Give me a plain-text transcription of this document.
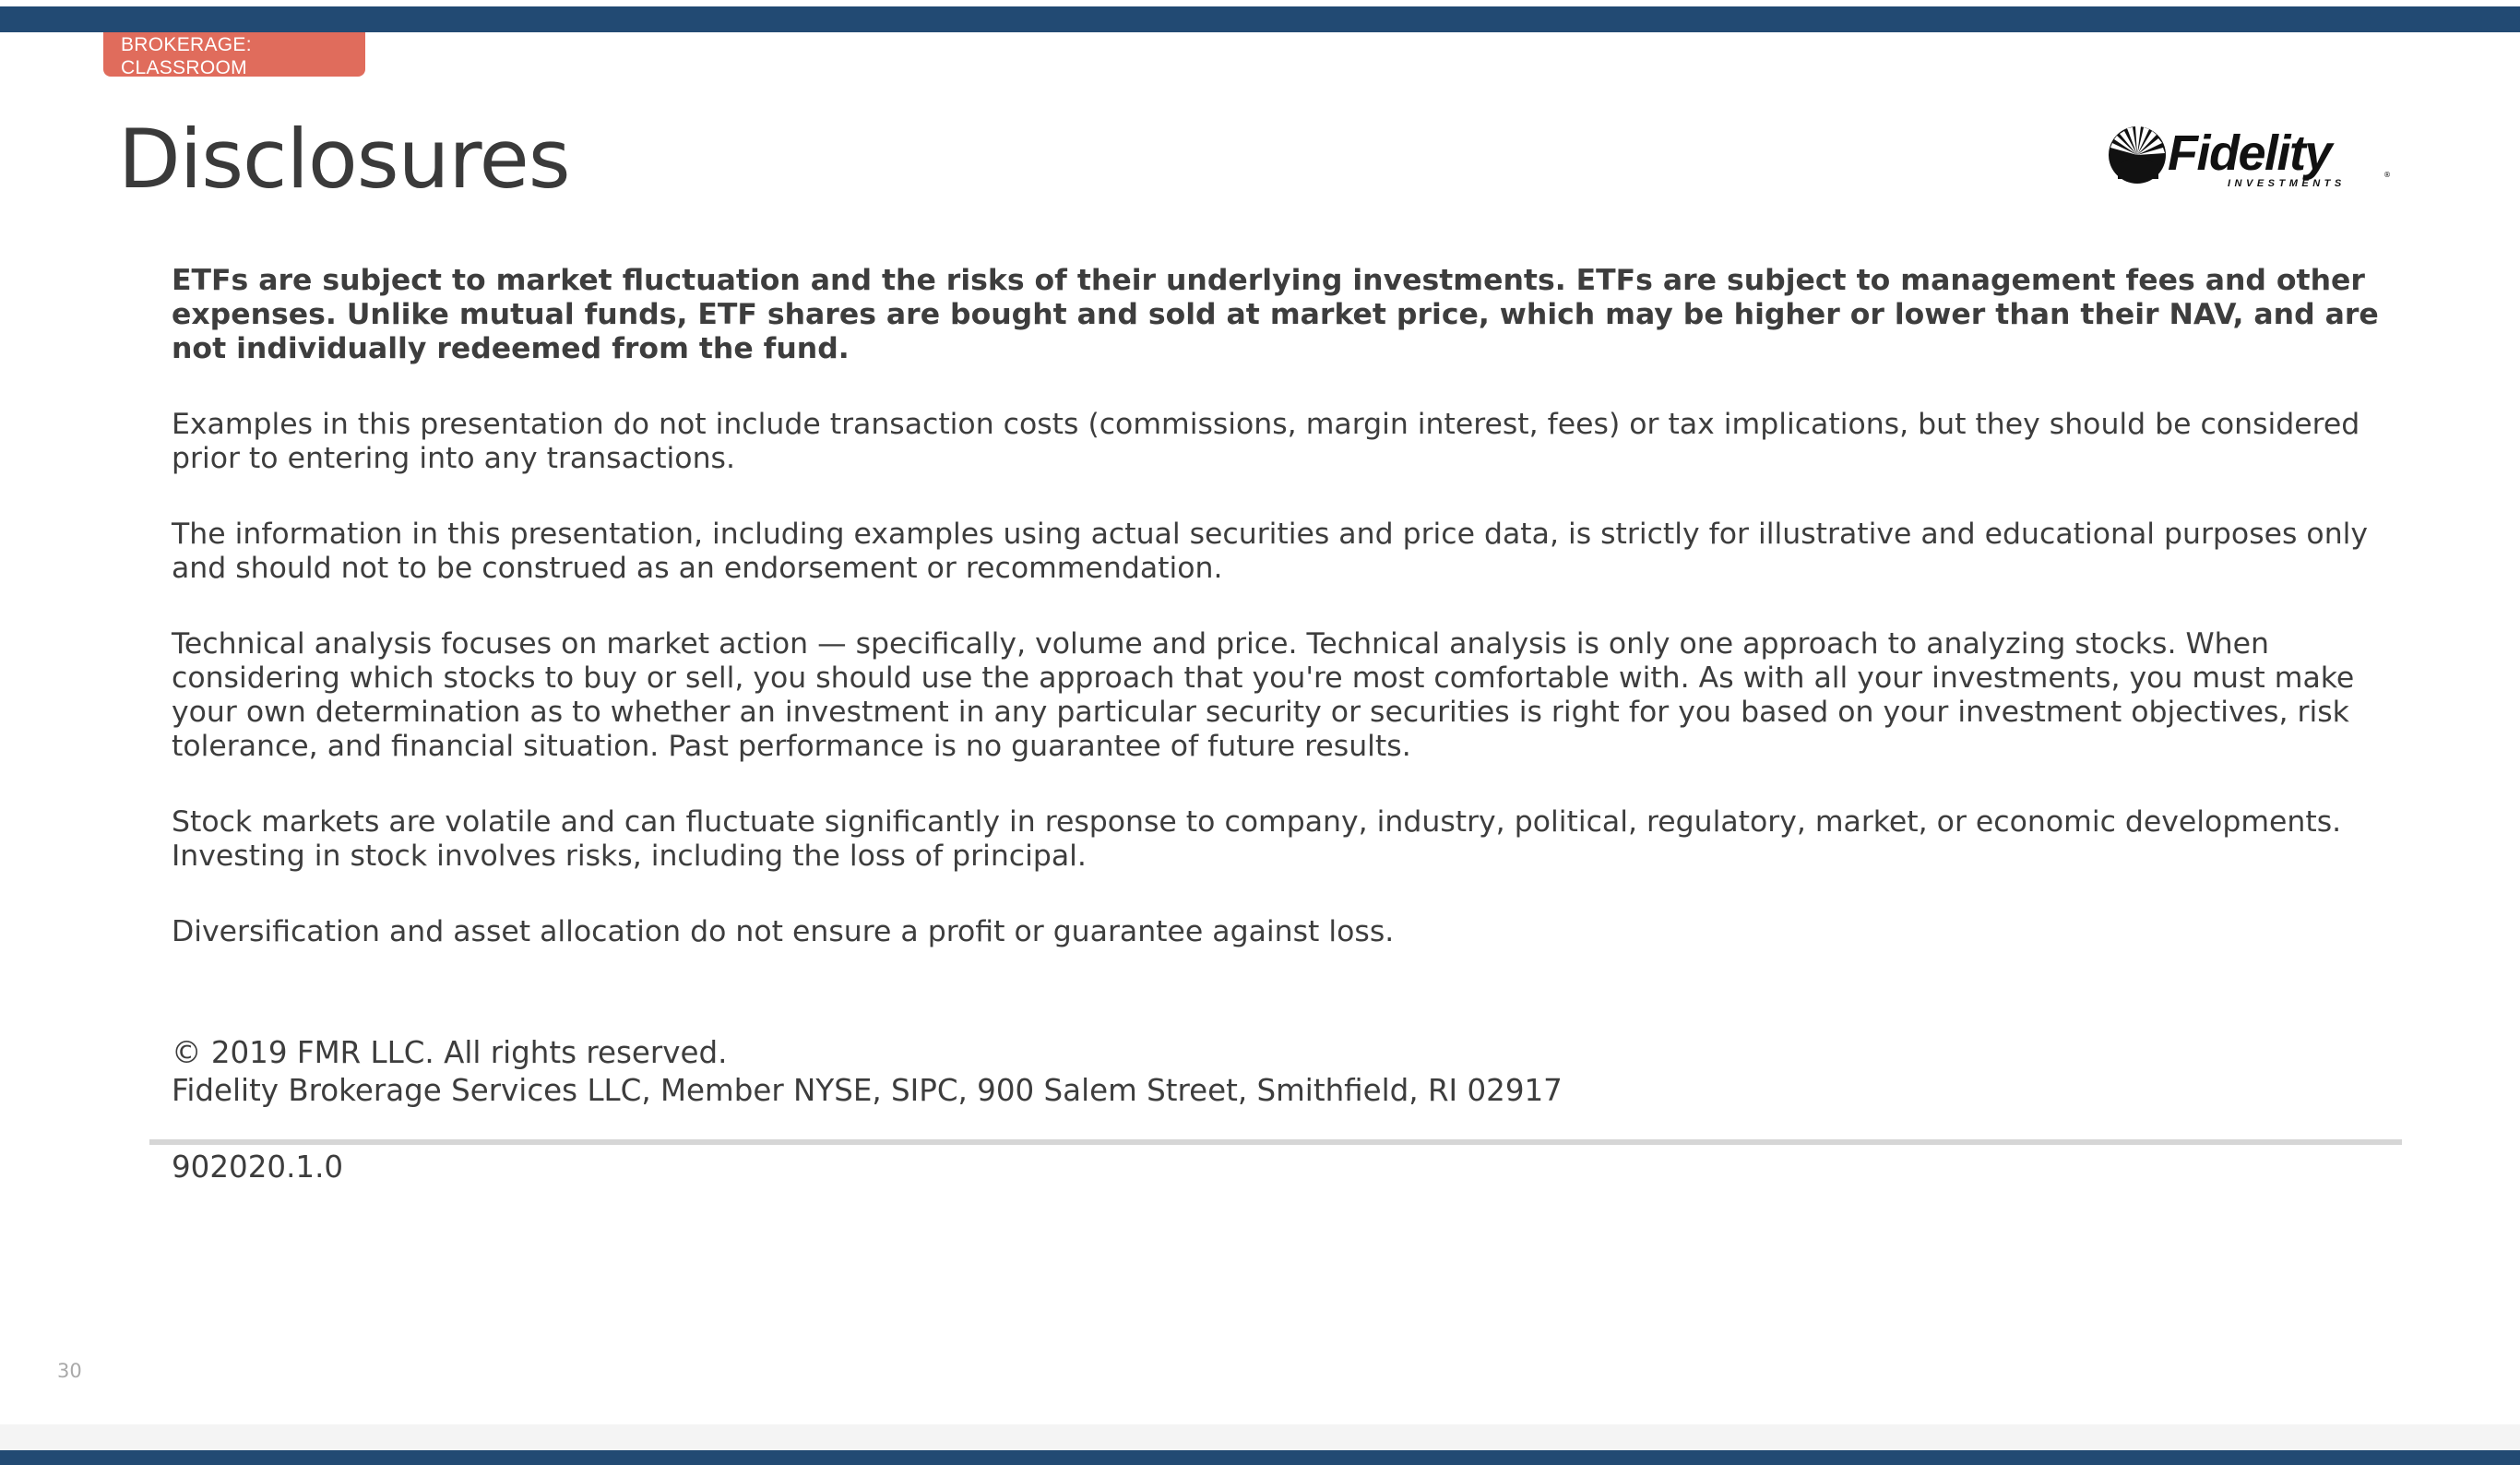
BROKERAGE:
CLASSROOM
Disclosures	Fidelity
INVESTMENTS
®

ETFs are subject to market fluctuation and the risks of their underlying investments. ETFs are subject to management fees and other expenses. Unlike mutual funds, ETF shares are bought and sold at market price, which may be higher or lower than their NAV, and are not individually redeemed from the fund.

Examples in this presentation do not include transaction costs (commissions, margin interest, fees) or tax implications, but they should be considered prior to entering into any transactions.

The information in this presentation, including examples using actual securities and price data, is strictly for illustrative and educational purposes only and should not to be construed as an endorsement or recommendation.

Technical analysis focuses on market action — specifically, volume and price. Technical analysis is only one approach to analyzing stocks. When considering which stocks to buy or sell, you should use the approach that you're most comfortable with. As with all your investments, you must make your own determination as to whether an investment in any particular security or securities is right for you based on your investment objectives, risk tolerance, and financial situation. Past performance is no guarantee of future results.

Stock markets are volatile and can fluctuate significantly in response to company, industry, political, regulatory, market, or economic developments. Investing in stock involves risks, including the loss of principal.

Diversification and asset allocation do not ensure a profit or guarantee against loss.

© 2019 FMR LLC. All rights reserved.
Fidelity Brokerage Services LLC, Member NYSE, SIPC, 900 Salem Street, Smithfield, RI 02917
902020.1.0
30
